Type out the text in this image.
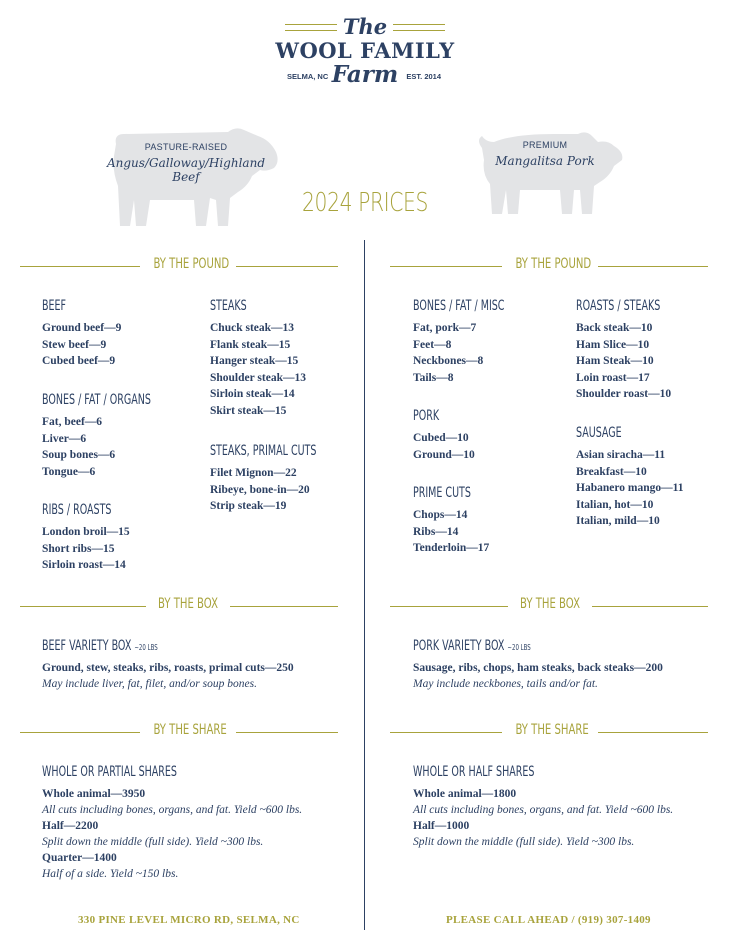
The
WOOL FAMILY
Farm
SELMA, NC	EST. 2014
PASTURE-RAISED
Angus/Galloway/Highland Beef
PREMIUM
Mangalitsa Pork
2024 PRICES
BY THE POUND
BEEF
Ground beef—9
Stew beef—9
Cubed beef—9
BONES / FAT / ORGANS
Fat, beef—6
Liver—6
Soup bones—6
Tongue—6
RIBS / ROASTS
London broil—15
Short ribs—15
Sirloin roast—14
STEAKS
Chuck steak—13
Flank steak—15
Hanger steak—15
Shoulder steak—13
Sirloin steak—14
Skirt steak—15
STEAKS, PRIMAL CUTS
Filet Mignon—22
Ribeye, bone-in—20
Strip steak—19
BY THE BOX
BEEF VARIETY BOX ~20 LBS

Ground, stew, steaks, ribs, roasts, primal cuts—250

May include liver, fat, filet, and/or soup bones.

BY THE SHARE
WHOLE OR PARTIAL SHARES

Whole animal—3950

All cuts including bones, organs, and fat. Yield ~600 lbs.

Half—2200

Split down the middle (full side). Yield ~300 lbs.

Quarter—1400

Half of a side. Yield ~150 lbs.

BY THE POUND
BONES / FAT / MISC
Fat, pork—7
Feet—8
Neckbones—8
Tails—8
PORK
Cubed—10
Ground—10
PRIME CUTS
Chops—14
Ribs—14
Tenderloin—17
ROASTS / STEAKS
Back steak—10
Ham Slice—10
Ham Steak—10
Loin roast—17
Shoulder roast—10
SAUSAGE
Asian siracha—11
Breakfast—10
Habanero mango—11
Italian, hot—10
Italian, mild—10
BY THE BOX
PORK VARIETY BOX ~20 LBS

Sausage, ribs, chops, ham steaks, back steaks—200

May include neckbones, tails and/or fat.

BY THE SHARE
WHOLE OR HALF SHARES

Whole animal—1800

All cuts including bones, organs, and fat. Yield ~600 lbs.

Half—1000

Split down the middle (full side). Yield ~300 lbs.

330 PINE LEVEL MICRO RD, SELMA, NC	PLEASE CALL AHEAD / (919) 307-1409
